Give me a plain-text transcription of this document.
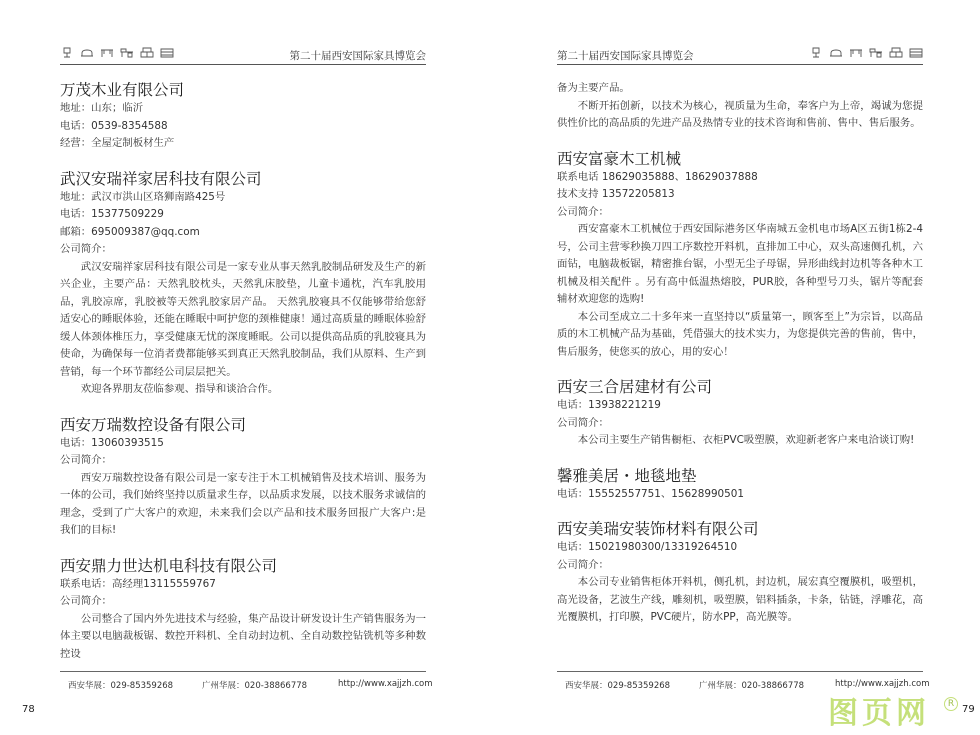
第二十届西安国际家具博览会
万茂木业有限公司
地址：山东；临沂
电话：0539-8354588
经营：全屋定制板材生产
武汉安瑞祥家居科技有限公司
地址：武汉市洪山区珞狮南路425号
电话：15377509229
邮箱：695009387@qq.com
公司简介：
武汉安瑞祥家居科技有限公司是一家专业从事天然乳胶制品研发及生产的新兴企业，主要产品：天然乳胶枕头，天然乳床胶垫，儿童卡通枕，汽车乳胶用品，乳胶凉席，乳胶被等天然乳胶家居产品。 天然乳胶寝具不仅能够带给您舒适安心的睡眠体验，还能在睡眠中呵护您的颈椎健康！通过高质量的睡眠体验舒缓人体颈体椎压力，享受健康无忧的深度睡眠。公司以提供高品质的乳胶寝具为使命，为确保每一位消者费都能够买到真正天然乳胶制品，我们从原料、生产到营销，每一个环节都经公司层层把关。
欢迎各界朋友莅临参观、指导和谈洽合作。
西安万瑞数控设备有限公司
电话：13060393515
公司简介：
西安万瑞数控设备有限公司是一家专注于木工机械销售及技术培训、服务为一体的公司，我们始终坚持以质量求生存，以品质求发展，以技术服务求诚信的理念，受到了广大客户的欢迎，未来我们会以产品和技术服务回报广大客户:是我们的目标!
西安鼎力世达机电科技有限公司
联系电话：高经理13115559767
公司简介：
公司整合了国内外先进技术与经验，集产品设计研发设计生产销售服务为一体主要以电脑裁板锯、数控开料机、全自动封边机、全自动数控钻铣机等多种数控设
西安华展：029-85359268	广州华展：020-38866778	http://www.xajjzh.com
78
第二十届西安国际家具博览会
备为主要产品。
不断开拓创新，以技术为核心，视质量为生命，奉客户为上帝，竭诚为您提供性价比的高品质的先进产品及热情专业的技术咨询和售前、售中、售后服务。
西安富豪木工机械
联系电话 18629035888、18629037888
技术支持 13572205813
公司简介：
西安富豪木工机械位于西安国际港务区华南城五金机电市场A区五街1栋2-4号，公司主营零秒换刀四工序数控开料机，直排加工中心，双头高速侧孔机，六面钻，电脑裁板锯，精密推台锯，小型无尘子母锯，异形曲线封边机等各种木工机械及相关配件 。另有高中低温热熔胶，PUR胶，各种型号刀头，锯片等配套辅材欢迎您的选购!
本公司至成立二十多年来一直坚持以“质量第一，顾客至上”为宗旨，以高品质的木工机械产品为基础，凭借强大的技术实力，为您提供完善的售前，售中，售后服务，使您买的放心，用的安心！
西安三合居建材有公司
电话：13938221219
公司简介：
本公司主要生产销售橱柜、衣柜PVC吸塑膜，欢迎新老客户来电洽谈订购!
馨雅美居・地毯地垫
电话：15552557751、15628990501
西安美瑞安装饰材料有限公司
电话：15021980300/13319264510
公司简介：
本公司专业销售柜体开料机，侧孔机，封边机，展宏真空覆膜机，吸塑机，高光设备，艺波生产线，雕刻机，吸塑膜，铝料插条，卡条，钻链，浮雕花，高光覆膜机，打印膜，PVC硬片，防水PP，高光膜等。
西安华展：029-85359268	广州华展：020-38866778	http://www.xajjzh.com
图页网	R 79
